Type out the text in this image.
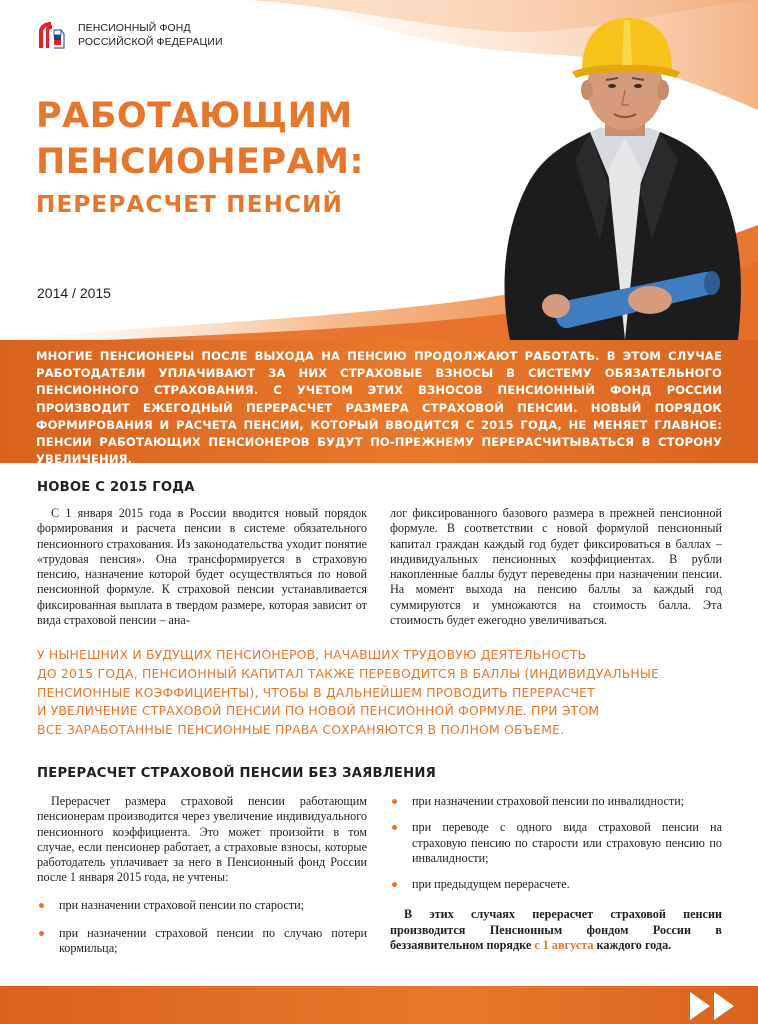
ПЕНСИОННЫЙ ФОНД
РОССИЙСКОЙ ФЕДЕРАЦИИ
РАБОТАЮЩИМ
ПЕНСИОНЕРАМ:
ПЕРЕРАСЧЕТ ПЕНСИЙ
2014 / 2015
МНОГИЕ ПЕНСИОНЕРЫ ПОСЛЕ ВЫХОДА НА ПЕНСИЮ ПРОДОЛЖАЮТ РАБОТАТЬ. В ЭТОМ СЛУЧАЕ РАБОТОДАТЕЛИ УПЛАЧИВАЮТ ЗА НИХ СТРАХОВЫЕ ВЗНОСЫ В СИСТЕМУ ОБЯЗАТЕЛЬНОГО ПЕНСИОННОГО СТРАХОВАНИЯ. С УЧЕТОМ ЭТИХ ВЗНОСОВ ПЕНСИОННЫЙ ФОНД РОССИИ ПРОИЗВОДИТ ЕЖЕГОДНЫЙ ПЕРЕРАСЧЕТ РАЗМЕРА СТРАХОВОЙ ПЕНСИИ. НОВЫЙ ПОРЯДОК ФОРМИРОВАНИЯ И РАСЧЕТА ПЕНСИИ, КОТОРЫЙ ВВОДИТСЯ С 2015 ГОДА, НЕ МЕНЯЕТ ГЛАВНОЕ: ПЕНСИИ РАБОТАЮЩИХ ПЕНСИОНЕРОВ БУДУТ ПО-ПРЕЖНЕМУ ПЕРЕРАСЧИТЫВАТЬСЯ В СТОРОНУ УВЕЛИЧЕНИЯ.
НОВОЕ С 2015 ГОДА

С 1 января 2015 года в России вводится новый порядок формирования и расчета пенсии в системе обязательного пенсионного страхования. Из законодательства уходит понятие «трудовая пенсия». Она трансформируется в страховую пенсию, назначение которой будет осуществляться по новой пенсионной формуле. К страховой пенсии устанавливается фиксированная выплата в твердом размере, которая зависит от вида страховой пенсии – ана-

лог фиксированного базового размера в прежней пенсионной формуле. В соответствии с новой формулой пенсионный капитал граждан каждый год будет фиксироваться в баллах – индивидуальных пенсионных коэффициентах. В рубли накопленные баллы будут переведены при назначении пенсии. На момент выхода на пенсию баллы за каждый год суммируются и умножаются на стоимость балла. Эта стоимость будет ежегодно увеличиваться.

У НЫНЕШНИХ И БУДУЩИХ ПЕНСИОНЕРОВ, НАЧАВШИХ ТРУДОВУЮ ДЕЯТЕЛЬНОСТЬ
ДО 2015 ГОДА, ПЕНСИОННЫЙ КАПИТАЛ ТАКЖЕ ПЕРЕВОДИТСЯ В БАЛЛЫ (ИНДИВИДУАЛЬНЫЕ
ПЕНСИОННЫЕ КОЭФФИЦИЕНТЫ), ЧТОБЫ В ДАЛЬНЕЙШЕМ ПРОВОДИТЬ ПЕРЕРАСЧЕТ
И УВЕЛИЧЕНИЕ СТРАХОВОЙ ПЕНСИИ ПО НОВОЙ ПЕНСИОННОЙ ФОРМУЛЕ. ПРИ ЭТОМ
ВСЕ ЗАРАБОТАННЫЕ ПЕНСИОННЫЕ ПРАВА СОХРАНЯЮТСЯ В ПОЛНОМ ОБЪЕМЕ.
ПЕРЕРАСЧЕТ СТРАХОВОЙ ПЕНСИИ БЕЗ ЗАЯВЛЕНИЯ

Перерасчет размера страховой пенсии работающим пенсионерам производится через увеличение индивидуального пенсионного коэффициента. Это может произойти в том случае, если пенсионер работает, а страховые взносы, которые работодатель уплачивает за него в Пенсионный фонд России после 1 января 2015 года, не учтены:

при назначении страховой пенсии по старости;
при назначении страховой пенсии по случаю потери кормильца;
при назначении страховой пенсии по инвалидности;
при переводе с одного вида страховой пенсии на страховую пенсию по старости или страховую пенсию по инвалидности;
при предыдущем перерасчете.

В этих случаях перерасчет страховой пенсии производится Пенсионным фондом России в беззаявительном порядке с 1 августа каждого года.
